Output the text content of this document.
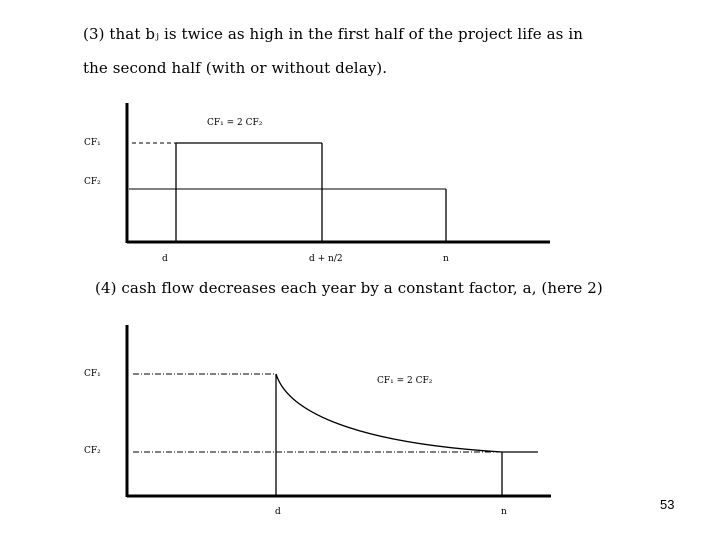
(3) that bⱼ is twice as high in the first half of the project life as in
the second half (with or without delay).
CF₁ = 2 CF₂
CF₁
CF₂
d	d + n/2	n
(4) cash flow decreases each year by a constant factor, a, (here 2)
CF₁ = 2 CF₂
CF₁
CF₂
d	n	53
